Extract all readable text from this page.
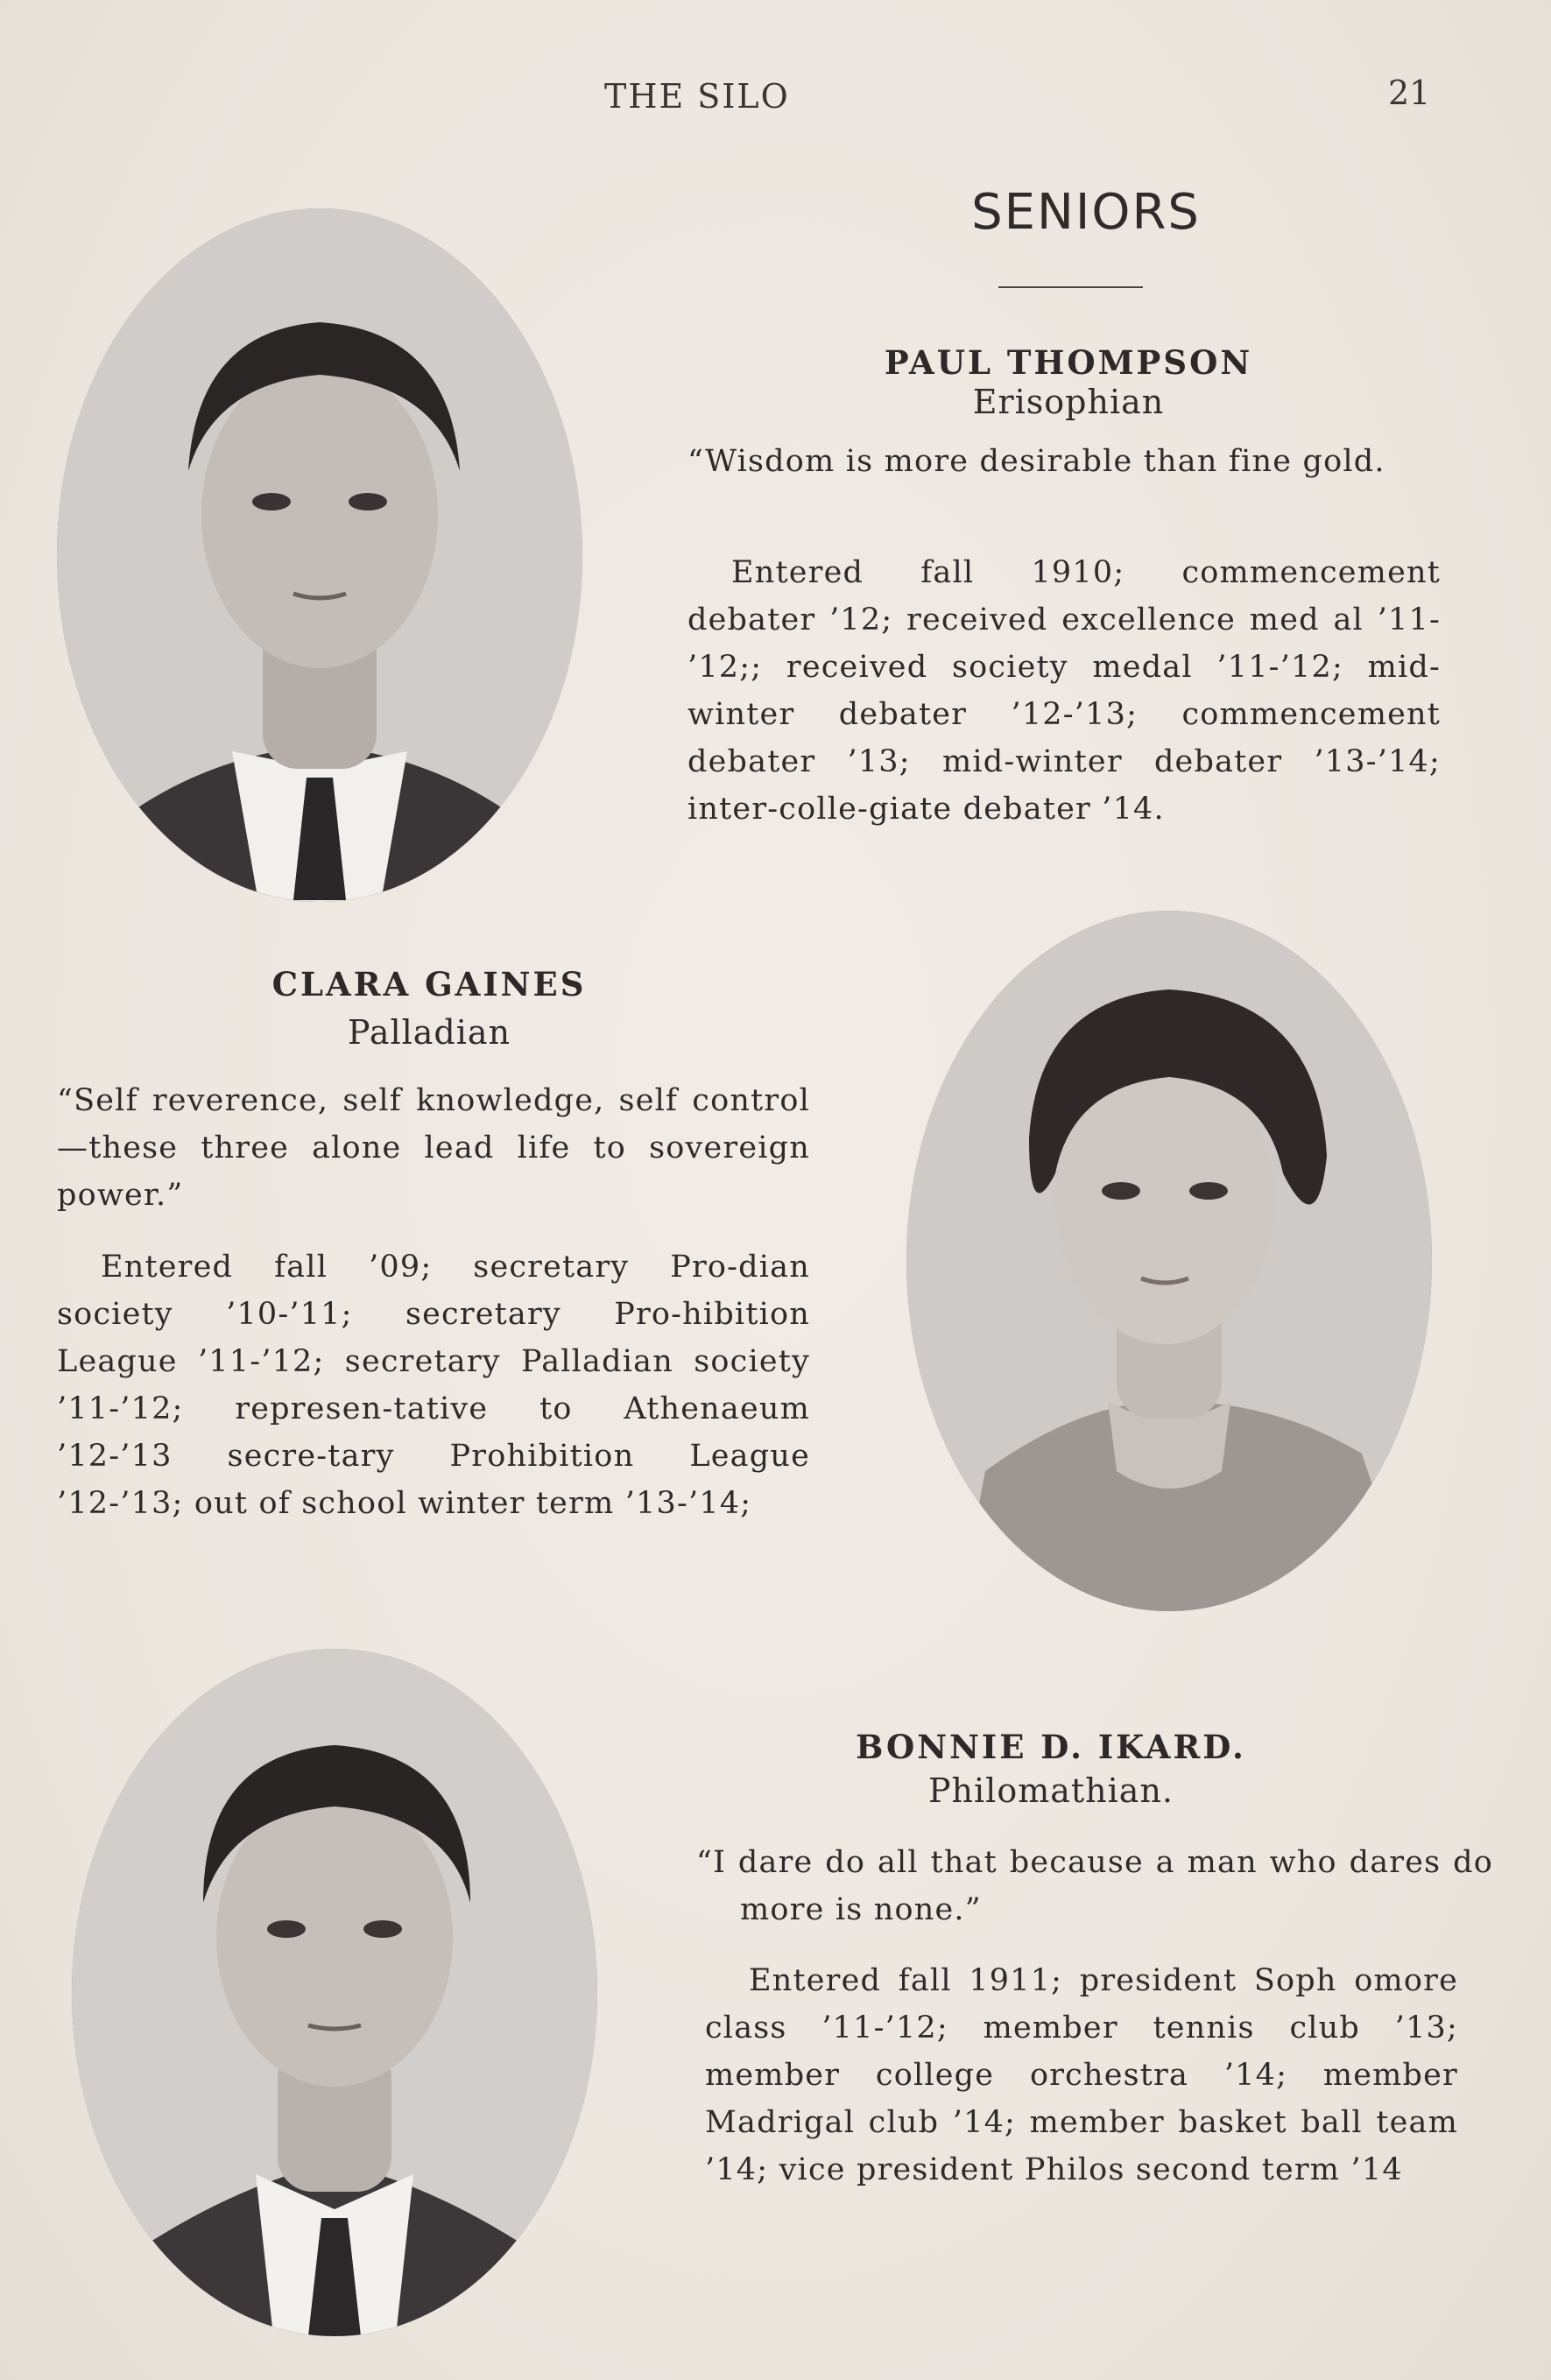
THE SILO	21
SENIORS
PAUL THOMPSON
Erisophian
“Wisdom is more desirable than fine gold.
Entered fall 1910; commencement debater ’12; received excellence med al ’11- ’12;; received society medal ’11-’12; mid-winter debater ’12-’13; commencement debater ’13; mid-winter debater ’13-’14; inter-colle-giate debater ’14.
CLARA GAINES
Palladian
“Self reverence, self knowledge, self control—these three alone lead life to sovereign power.”
Entered fall ’09; secretary Pro-dian society ’10-’11; secretary Pro-hibition League ’11-’12; secretary Palladian society ’11-’12; represen-tative to Athenaeum ’12-’13 secre-tary Prohibition League ’12-’13; out of school winter term ’13-’14;
BONNIE D. IKARD.
Philomathian.
“I dare do all that because a man who dares do more is none.”
Entered fall 1911; president Soph omore class ’11-’12; member tennis club ’13; member college orchestra ’14; member Madrigal club ’14; member basket ball team ’14; vice president Philos second term ’14
